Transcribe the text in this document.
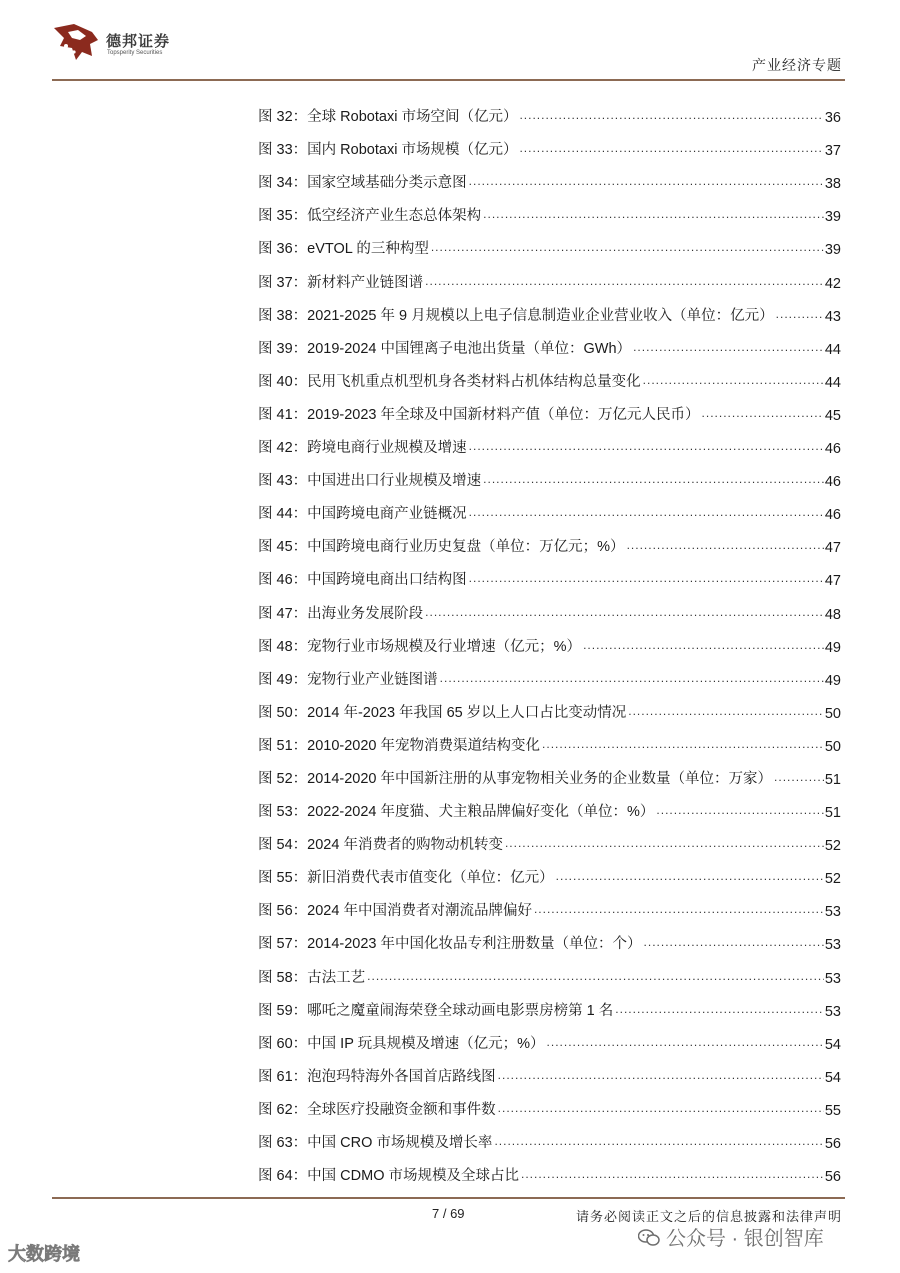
德邦证券
Topsperity Securities
产业经济专题
图 32：全球 Robotaxi 市场空间（亿元） .....	36
图 33：国内 Robotaxi 市场规模（亿元） .....	37
图 34：国家空域基础分类示意图 .....	38
图 35：低空经济产业生态总体架构 .....	39
图 36：eVTOL 的三种构型 .....	39
图 37：新材料产业链图谱 .....	42
图 38：2021-2025 年 9 月规模以上电子信息制造业企业营业收入（单位：亿元） .....	43
图 39：2019-2024 中国锂离子电池出货量（单位：GWh） .....	44
图 40：民用飞机重点机型机身各类材料占机体结构总量变化 .....	44
图 41：2019-2023 年全球及中国新材料产值（单位：万亿元人民币） .....	45
图 42：跨境电商行业规模及增速 .....	46
图 43：中国进出口行业规模及增速 .....	46
图 44：中国跨境电商产业链概况 .....	46
图 45：中国跨境电商行业历史复盘（单位：万亿元；%） .....	47
图 46：中国跨境电商出口结构图 .....	47
图 47：出海业务发展阶段 .....	48
图 48：宠物行业市场规模及行业增速（亿元；%） .....	49
图 49：宠物行业产业链图谱 .....	49
图 50：2014 年-2023 年我国 65 岁以上人口占比变动情况 .....	50
图 51：2010-2020 年宠物消费渠道结构变化 .....	50
图 52：2014-2020 年中国新注册的从事宠物相关业务的企业数量（单位：万家） .....	51
图 53：2022-2024 年度猫、犬主粮品牌偏好变化（单位：%） .....	51
图 54：2024 年消费者的购物动机转变 .....	52
图 55：新旧消费代表市值变化（单位：亿元） .....	52
图 56：2024 年中国消费者对潮流品牌偏好 .....	53
图 57：2014-2023 年中国化妆品专利注册数量（单位：个） .....	53
图 58：古法工艺 .....	53
图 59：哪吒之魔童闹海荣登全球动画电影票房榜第 1 名 .....	53
图 60：中国 IP 玩具规模及增速（亿元；%） .....	54
图 61：泡泡玛特海外各国首店路线图 .....	54
图 62：全球医疗投融资金额和事件数 .....	55
图 63：中国 CRO 市场规模及增长率 .....	56
图 64：中国 CDMO 市场规模及全球占比 .....	56
7 / 69	请务必阅读正文之后的信息披露和法律声明
公众号 · 银创智库
大数跨境
